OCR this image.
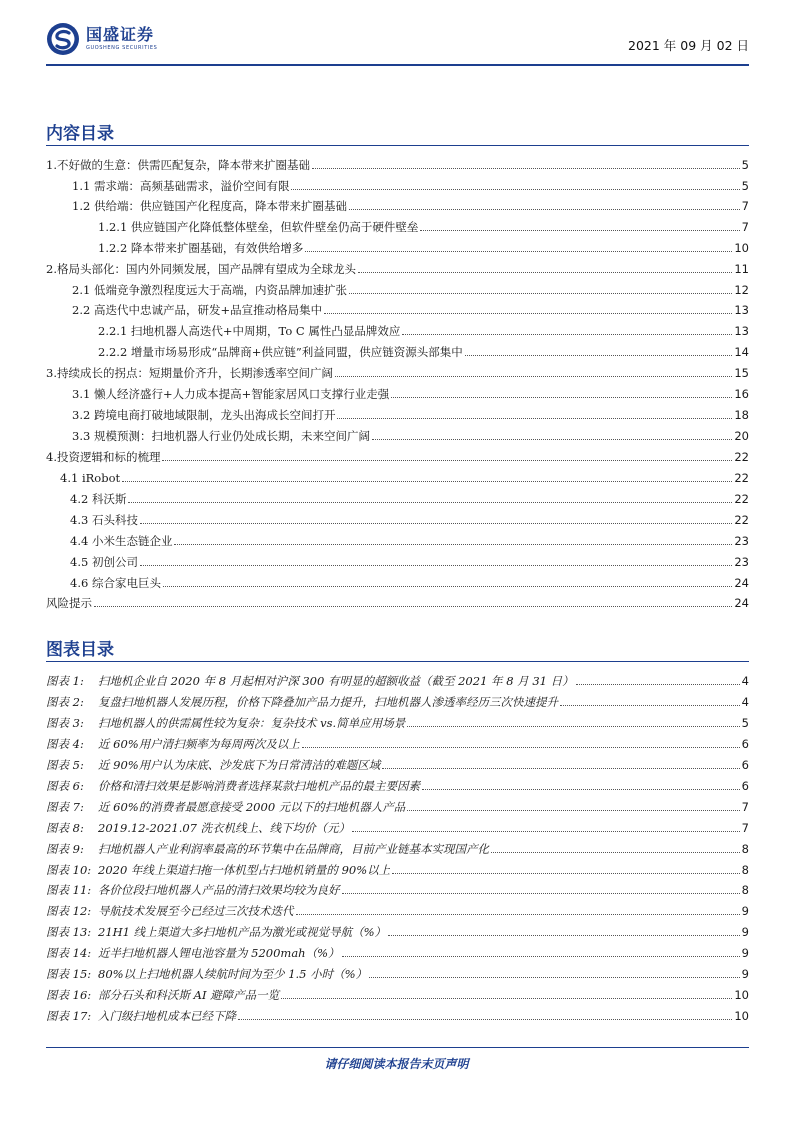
国盛证券
GUOSHENG SECURITIES	2021 年 09 月 02 日
内容目录
1.不好做的生意：供需匹配复杂，降本带来扩圈基础	5
1.1 需求端：高频基础需求，溢价空间有限	5
1.2 供给端：供应链国产化程度高，降本带来扩圈基础	7
1.2.1 供应链国产化降低整体壁垒，但软件壁垒仍高于硬件壁垒	7
1.2.2 降本带来扩圈基础，有效供给增多	10
2.格局头部化：国内外同频发展，国产品牌有望成为全球龙头	11
2.1 低端竞争激烈程度远大于高端，内资品牌加速扩张	12
2.2 高迭代中忠诚产品，研发+品宣推动格局集中	13
2.2.1 扫地机器人高迭代+中周期，To C 属性凸显品牌效应	13
2.2.2 增量市场易形成“品牌商+供应链”利益同盟，供应链资源头部集中	14
3.持续成长的拐点：短期量价齐升，长期渗透率空间广阔	15
3.1 懒人经济盛行+人力成本提高+智能家居风口支撑行业走强	16
3.2 跨境电商打破地域限制，龙头出海成长空间打开	18
3.3 规模预测：扫地机器人行业仍处成长期，未来空间广阔	20
4.投资逻辑和标的梳理	22
4.1 iRobot	22
4.2 科沃斯	22
4.3 石头科技	22
4.4 小米生态链企业	23
4.5 初创公司	23
4.6 综合家电巨头	24
风险提示	24
图表目录
图表 1:	扫地机企业自 2020 年 8 月起相对沪深 300 有明显的超额收益（截至 2021 年 8 月 31 日）	4
图表 2:	复盘扫地机器人发展历程，价格下降叠加产品力提升，扫地机器人渗透率经历三次快速提升	4
图表 3:	扫地机器人的供需属性较为复杂：复杂技术 vs.简单应用场景	5
图表 4:	近 60%用户清扫频率为每周两次及以上	6
图表 5:	近 90%用户认为床底、沙发底下为日常清洁的难题区域	6
图表 6:	价格和清扫效果是影响消费者选择某款扫地机产品的最主要因素	6
图表 7:	近 60%的消费者最愿意接受 2000 元以下的扫地机器人产品	7
图表 8:	2019.12-2021.07 洗衣机线上、线下均价（元）	7
图表 9:	扫地机器人产业利润率最高的环节集中在品牌商，目前产业链基本实现国产化	8
图表 10: 2020 年线上渠道扫拖一体机型占扫地机销量的 90%以上	8
图表 11: 各价位段扫地机器人产品的清扫效果均较为良好	8
图表 12: 导航技术发展至今已经过三次技术迭代	9
图表 13: 21H1 线上渠道大多扫地机产品为激光或视觉导航（%）	9
图表 14: 近半扫地机器人锂电池容量为 5200mah（%）	9
图表 15: 80%以上扫地机器人续航时间为至少 1.5 小时（%）	9
图表 16: 部分石头和科沃斯 AI 避障产品一览	10
图表 17: 入门级扫地机成本已经下降	10
请仔细阅读本报告末页声明
